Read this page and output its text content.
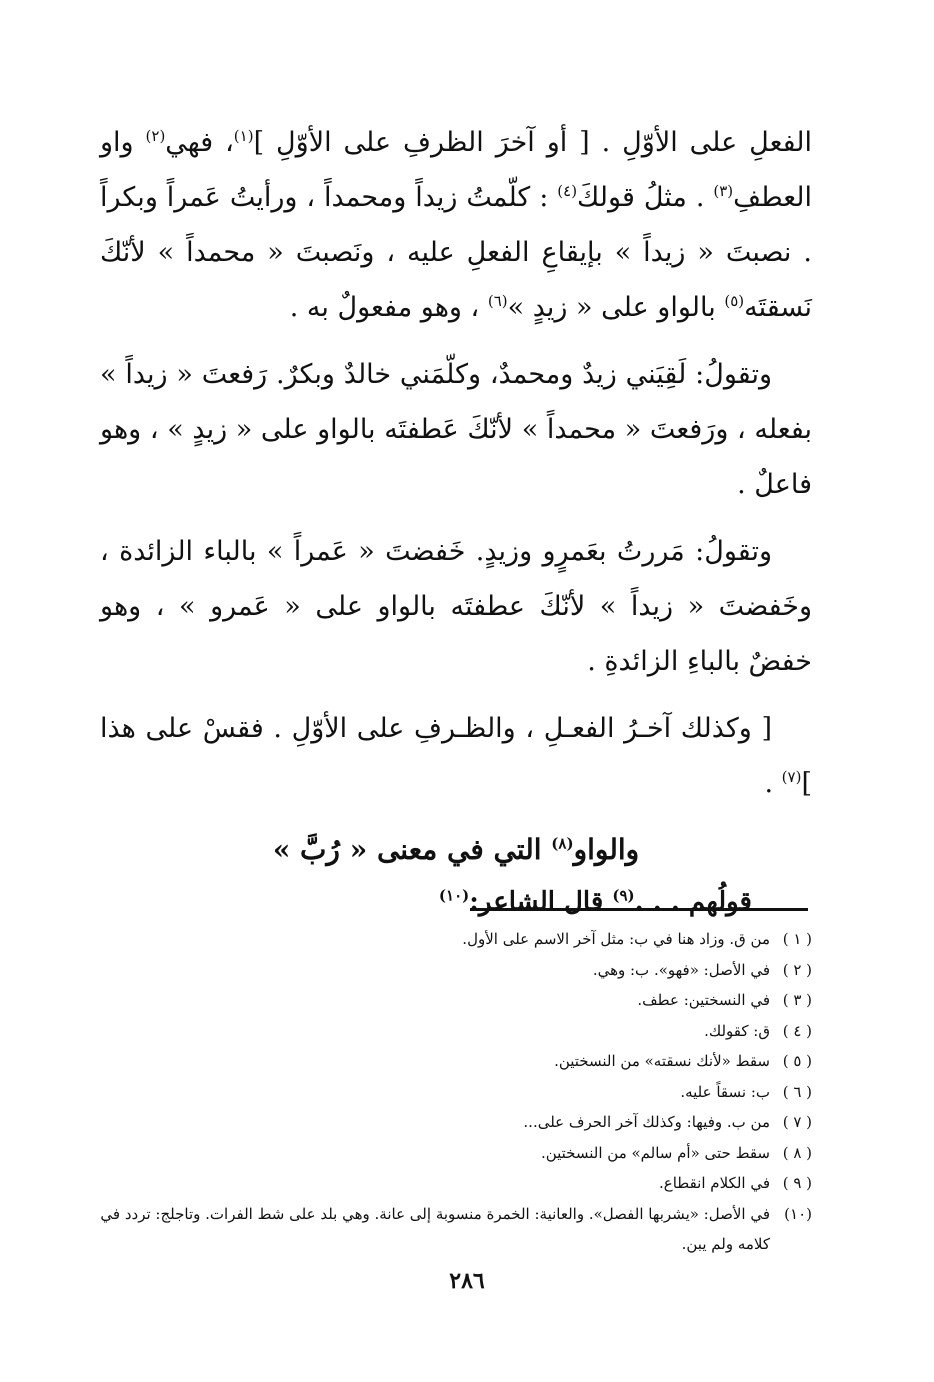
الفعلِ على الأوّلِ . [ أو آخرَ الظرفِ على الأوّلِ ]$^{(١)}$، فهي$^{(٢)}$ واو العطفِ$^{(٣)}$ . مثلُ قولكَ$^{(٤)}$ : كلّمتُ زيداً ومحمداً ، ورأيتُ عَمراً وبكراً . نصبتَ « زيداً » بإيقاعِ الفعلِ عليه ، ونَصبتَ « محمداً » لأنّكَ نَسقتَه$^{(٥)}$ بالواو على « زيدٍ »$^{(٦)}$ ، وهو مفعولٌ به .

وتقولُ: لَقِيَني زيدٌ ومحمدٌ، وكلّمَني خالدٌ وبكرٌ. رَفعتَ « زيداً » بفعله ، ورَفعتَ « محمداً » لأنّكَ عَطفتَه بالواو على « زيدٍ » ، وهو فاعلٌ .

وتقولُ: مَررتُ بعَمرٍو وزيدٍ. خَفضتَ « عَمراً » بالباء الزائدة ، وخَفضتَ « زيداً » لأنّكَ عطفتَه بالواو على « عَمرو » ، وهو خفضٌ بالباءِ الزائدةِ .

[ وكذلك آخـرُ الفعـلِ ، والظـرفِ على الأوّلِ . فقسْ على هذا ]$^{(٧)}$ .

والواو$^{(٨)}$ التي في معنى « رُبَّ »
قولُهم . . .$^{(٩)}$ قال الشاعر:$^{(١٠)}$
( ١ )
من ق. وزاد هنا في ب: مثل آخر الاسم على الأول.
( ٢ )
في الأصل: «فهو». ب: وهي.
( ٣ )
في النسختين: عطف.
( ٤ )
ق: كقولك.
( ٥ )
سقط «لأنك نسقته» من النسختين.
( ٦ )
ب: نسقاً عليه.
( ٧ )
من ب. وفيها: وكذلك آخر الحرف على...
( ٨ )
سقط حتى «أم سالم» من النسختين.
( ٩ )
في الكلام انقطاع.
(١٠)
في الأصل: «يشربها الفصل». والعانية: الخمرة منسوبة إلى عانة. وهي بلد على شط الفرات. وتاجلج: تردد في كلامه ولم يبن.
٢٨٦
